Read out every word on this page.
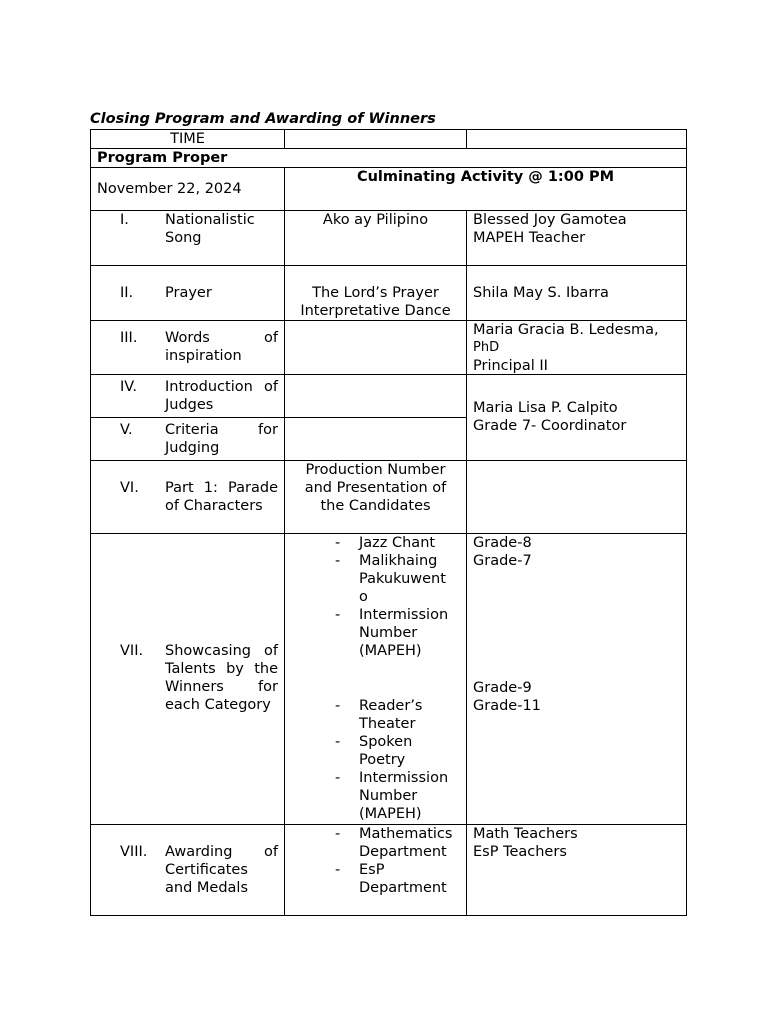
Closing Program and Awarding of Winners
TIME
Program Proper
November 22, 2024
Culminating Activity @ 1:00 PM
I. Nationalistic
Song
Ako ay Pilipino	Blessed Joy Gamotea
MAPEH Teacher
II. Prayer	The Lord’s Prayer
Interpretative Dance
Shila May S. Ibarra
III. Words of
inspiration
Maria Gracia B. Ledesma,
PhD
Principal II
IV. Introduction of
Judges
V. Criteria for
Judging
Maria Lisa P. Calpito
Grade 7- Coordinator
VI. Part 1: Parade
of Characters
Production Number
and Presentation of
the Candidates
VII. Showcasing of
Talents by the
Winners for
each Category
- Jazz Chant
- Malikhaing
Pakukuwent
o
- Intermission
Number
(MAPEH)
- Reader’s
Theater
- Spoken
Poetry
- Intermission
Number
(MAPEH)
Grade-8
Grade-7
Grade-9
Grade-11
VIII. Awarding of
Certificates
and Medals
- Mathematics
Department
- EsP
Department
Math Teachers
EsP Teachers
